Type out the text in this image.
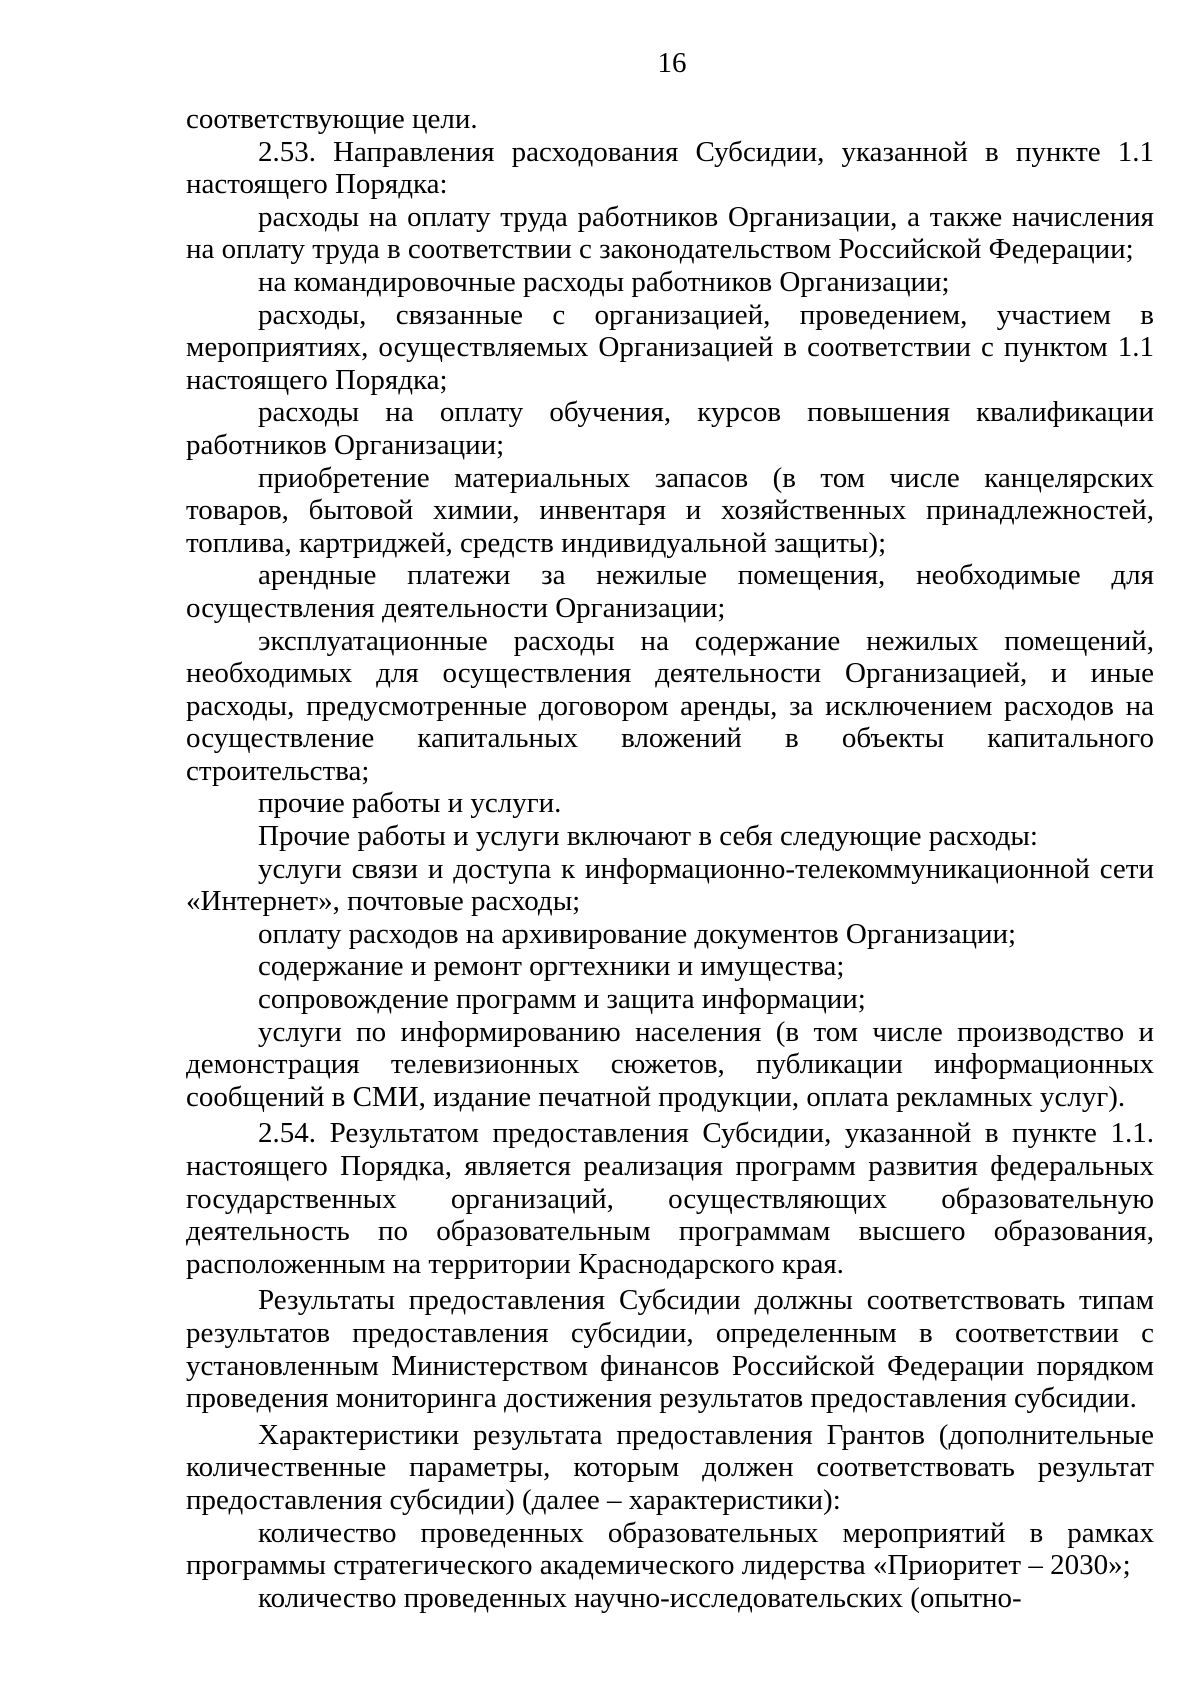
16

соответствующие цели.

2.53. Направления расходования Субсидии, указанной в пункте 1.1 настоящего Порядка:

расходы на оплату труда работников Организации, а также начисления на оплату труда в соответствии с законодательством Российской Федерации;

на командировочные расходы работников Организации;

расходы, связанные с организацией, проведением, участием в мероприятиях, осуществляемых Организацией в соответствии с пунктом 1.1 настоящего Порядка;

расходы на оплату обучения, курсов повышения квалификации работников Организации;

приобретение материальных запасов (в том числе канцелярских товаров, бытовой химии, инвентаря и хозяйственных принадлежностей, топлива, картриджей, средств индивидуальной защиты);

арендные платежи за нежилые помещения, необходимые для осуществления деятельности Организации;

эксплуатационные расходы на содержание нежилых помещений, необходимых для осуществления деятельности Организацией, и иные расходы, предусмотренные договором аренды, за исключением расходов на осуществление капитальных вложений в объекты капитального строительства;

прочие работы и услуги.

Прочие работы и услуги включают в себя следующие расходы:

услуги связи и доступа к информационно-телекоммуникационной сети «Интернет», почтовые расходы;

оплату расходов на архивирование документов Организации;

содержание и ремонт оргтехники и имущества;

сопровождение программ и защита информации;

услуги по информированию населения (в том числе производство и демонстрация телевизионных сюжетов, публикации информационных сообщений в СМИ, издание печатной продукции, оплата рекламных услуг).

2.54. Результатом предоставления Субсидии, указанной в пункте 1.1. настоящего Порядка, является реализация программ развития федеральных государственных организаций, осуществляющих образовательную деятельность по образовательным программам высшего образования, расположенным на территории Краснодарского края.

Результаты предоставления Субсидии должны соответствовать типам результатов предоставления субсидии, определенным в соответствии с установленным Министерством финансов Российской Федерации порядком проведения мониторинга достижения результатов предоставления субсидии.

Характеристики результата предоставления Грантов (дополнительные количественные параметры, которым должен соответствовать результат предоставления субсидии) (далее – характеристики):

количество проведенных образовательных мероприятий в рамках программы стратегического академического лидерства «Приоритет – 2030»;

количество проведенных научно-исследовательских (опытно-
